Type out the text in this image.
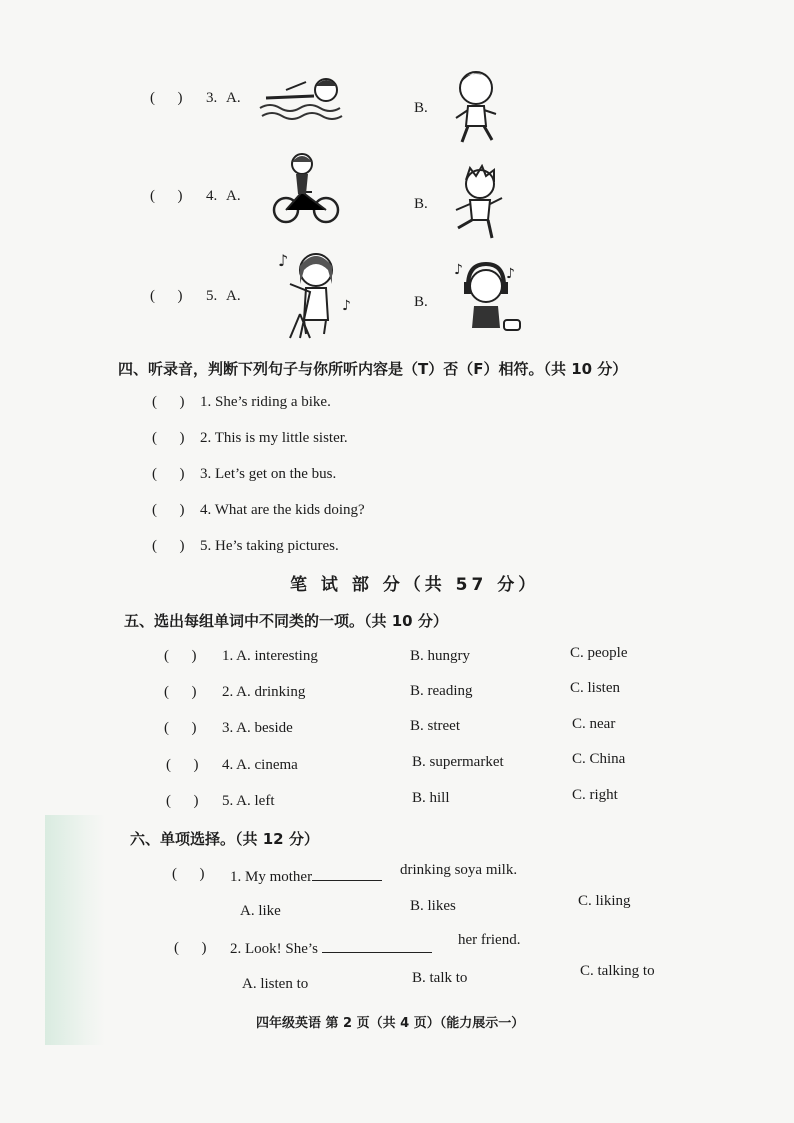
(      ) 3. A.
B.
(      ) 4. A.	B.
(      ) 5. A.
♪
♪	B.
♪	♪
四、听录音，判断下列句子与你所听内容是（T）否（F）相符。（共 10 分）
(      ) 1. She’s riding a bike.
(      ) 2. This is my little sister.
(      ) 3. Let’s get on the bus.
(      ) 4. What are the kids doing?
(      ) 5. He’s taking pictures.
笔 试 部 分（共 57 分）
五、选出每组单词中不同类的一项。（共 10 分）
(      ) 1. A. interesting	B. hungry	C. people
(      ) 2. A. drinking	B. reading	C. listen
(      ) 3. A. beside	B. street	C. near
(      ) 4. A. cinema	B. supermarket	C. China
(      ) 5. A. left	B. hill	C. right
六、单项选择。（共 12 分）
(      ) 1. My mother	drinking soya milk.
A. like	B. likes	C. liking
(      ) 2. Look! She’s
her friend.
A. listen to	B. talk to	C. talking to
四年级英语 第 2 页（共 4 页）（能力展示一）
